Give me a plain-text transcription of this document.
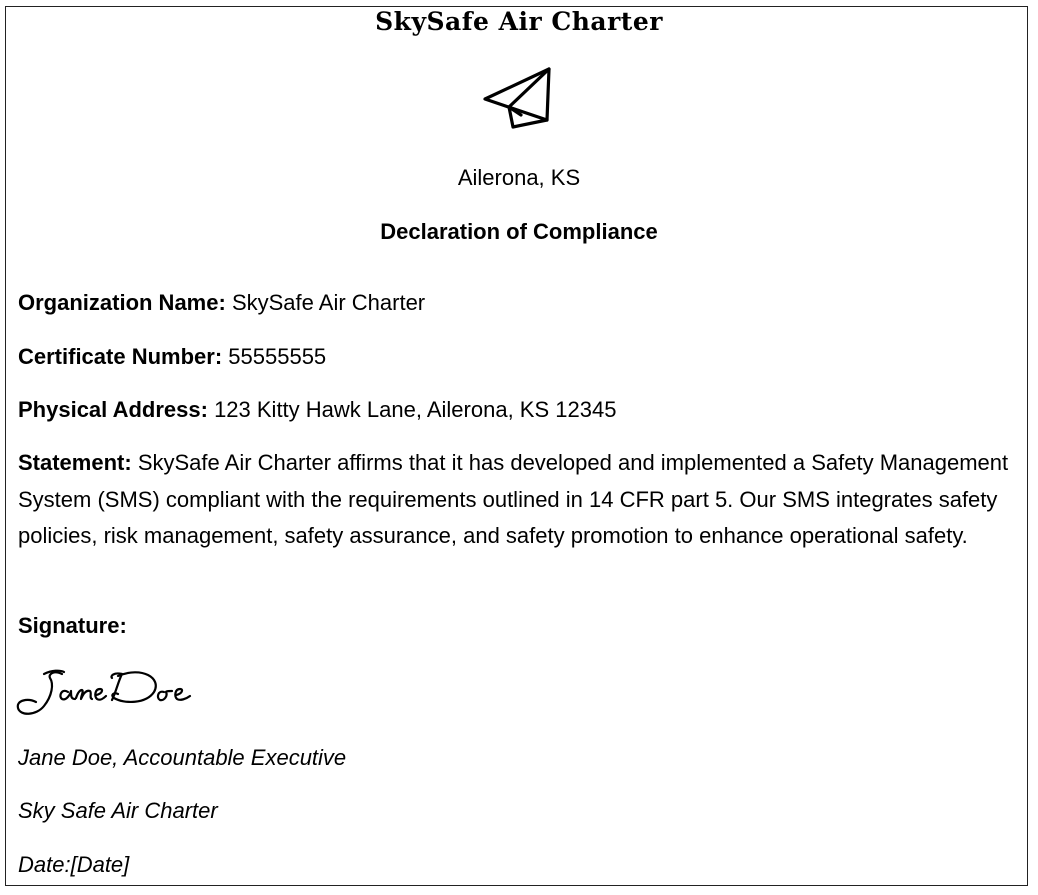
SkySafe Air Charter
Ailerona, KS
Declaration of Compliance
Organization Name: SkySafe Air Charter
Certificate Number: 55555555
Physical Address: 123 Kitty Hawk Lane, Ailerona, KS 12345
Statement: SkySafe Air Charter affirms that it has developed and implemented a Safety Management System (SMS) compliant with the requirements outlined in 14 CFR part 5. Our SMS integrates safety policies, risk management, safety assurance, and safety promotion to enhance operational safety.
Signature:
Jane Doe, Accountable Executive
Sky Safe Air Charter
Date:[Date]
